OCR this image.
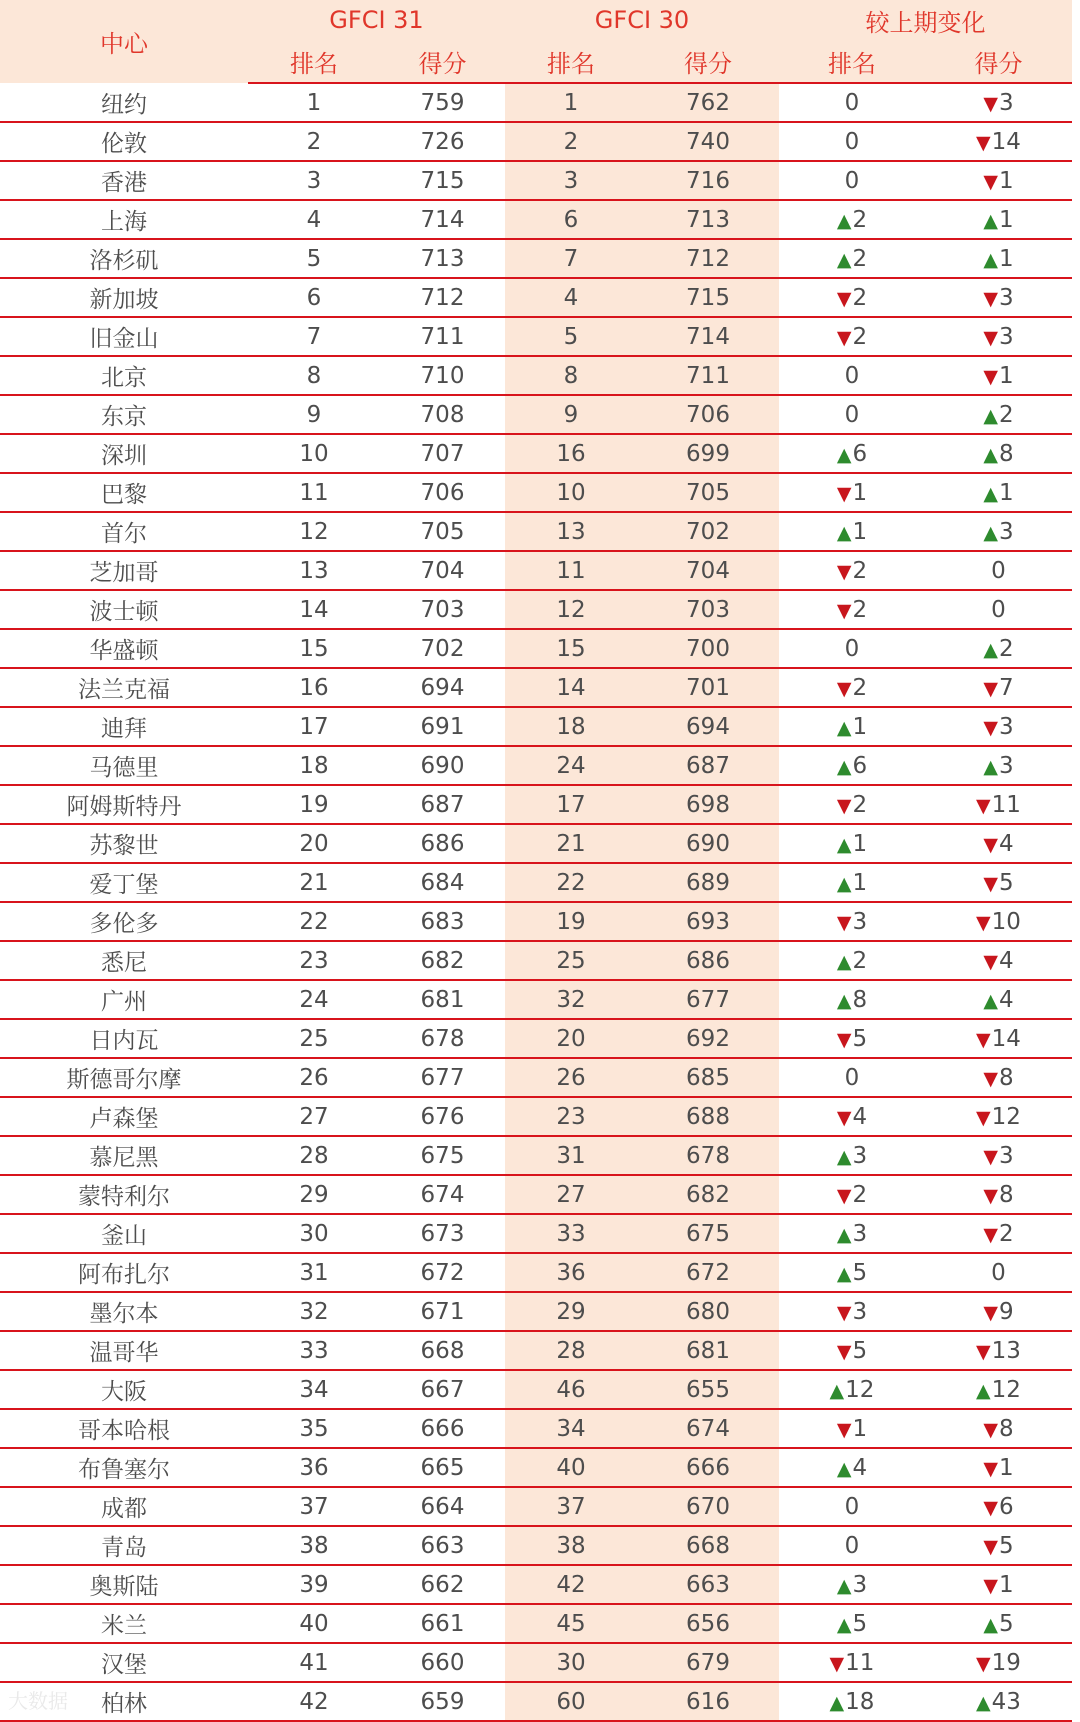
中心	GFCI 31		GFCI 30		较上期变化	
	排名	得分	排名	得分	排名	得分
纽约	1	759	1	762	0	▼3
伦敦	2	726	2	740	0	▼14
香港	3	715	3	716	0	▼1
上海	4	714	6	713	▲2	▲1
洛杉矶	5	713	7	712	▲2	▲1
新加坡	6	712	4	715	▼2	▼3
旧金山	7	711	5	714	▼2	▼3
北京	8	710	8	711	0	▼1
东京	9	708	9	706	0	▲2
深圳	10	707	16	699	▲6	▲8
巴黎	11	706	10	705	▼1	▲1
首尔	12	705	13	702	▲1	▲3
芝加哥	13	704	11	704	▼2	0
波士顿	14	703	12	703	▼2	0
华盛顿	15	702	15	700	0	▲2
法兰克福	16	694	14	701	▼2	▼7
迪拜	17	691	18	694	▲1	▼3
马德里	18	690	24	687	▲6	▲3
阿姆斯特丹	19	687	17	698	▼2	▼11
苏黎世	20	686	21	690	▲1	▼4
爱丁堡	21	684	22	689	▲1	▼5
多伦多	22	683	19	693	▼3	▼10
悉尼	23	682	25	686	▲2	▼4
广州	24	681	32	677	▲8	▲4
日内瓦	25	678	20	692	▼5	▼14
斯德哥尔摩	26	677	26	685	0	▼8
卢森堡	27	676	23	688	▼4	▼12
慕尼黑	28	675	31	678	▲3	▼3
蒙特利尔	29	674	27	682	▼2	▼8
釜山	30	673	33	675	▲3	▼2
阿布扎尔	31	672	36	672	▲5	0
墨尔本	32	671	29	680	▼3	▼9
温哥华	33	668	28	681	▼5	▼13
大阪	34	667	46	655	▲12	▲12
哥本哈根	35	666	34	674	▼1	▼8
布鲁塞尔	36	665	40	666	▲4	▼1
成都	37	664	37	670	0	▼6
青岛	38	663	38	668	0	▼5
奥斯陆	39	662	42	663	▲3	▼1
米兰	40	661	45	656	▲5	▲5
汉堡	41	660	30	679	▼11	▼19
柏林	42	659	60	616	▲18	▲43
大数据
